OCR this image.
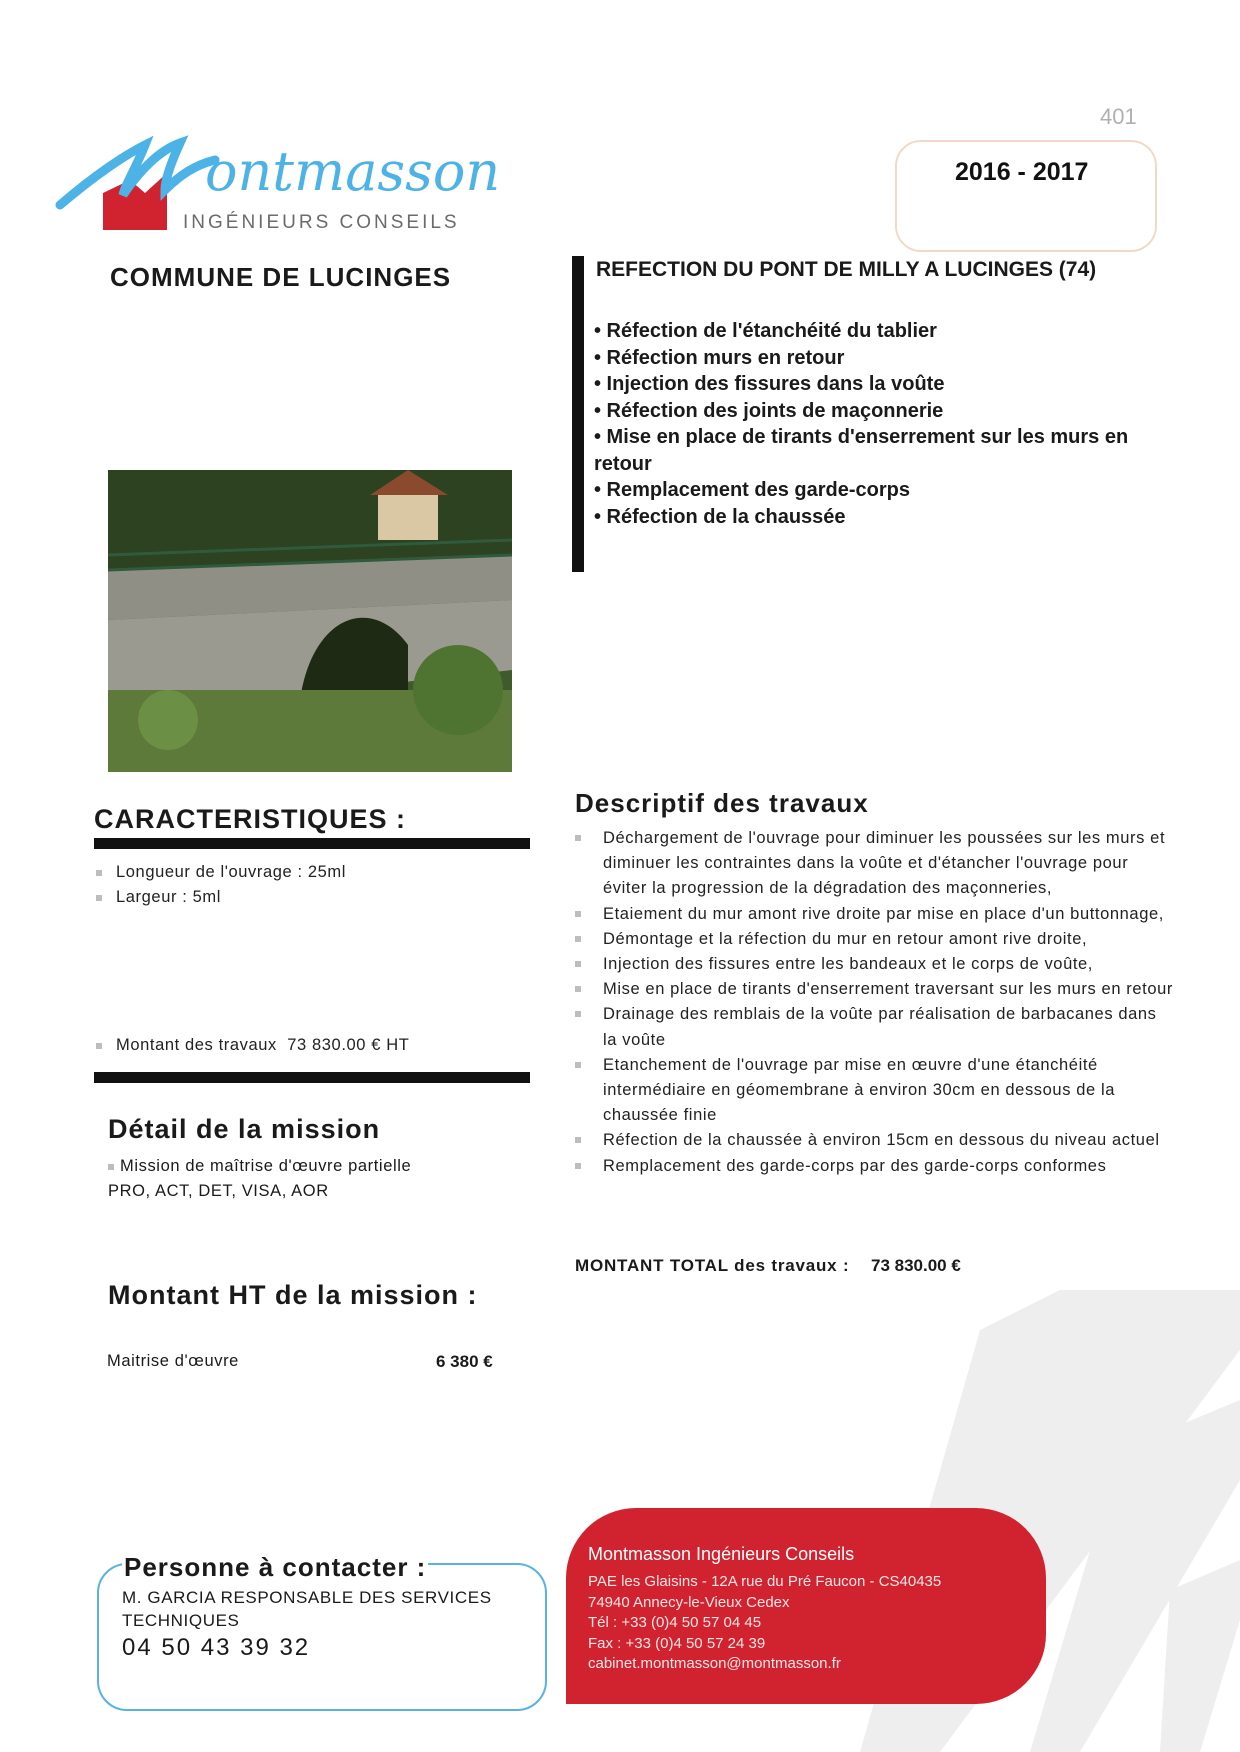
ontmasson
INGÉNIEURS CONSEILS
401
2016 - 2017
COMMUNE DE LUCINGES	REFECTION DU PONT DE MILLY A LUCINGES (74)
• Réfection de l'étanchéité du tablier
• Réfection murs en retour
• Injection des fissures dans la voûte
• Réfection des joints de maçonnerie
• Mise en place de tirants d'enserrement sur les murs en retour
• Remplacement des garde-corps
• Réfection de la chaussée
CARACTERISTIQUES :
Longueur de l'ouvrage : 25ml
Largeur : 5ml
Montant des travaux  73 830.00 € HT
Détail de la mission
Mission de maîtrise d'œuvre partielle
PRO, ACT, DET, VISA, AOR
Montant HT de la mission :
Maitrise d'œuvre	6 380 €
Descriptif des travaux
Déchargement de l'ouvrage pour diminuer les poussées sur les murs et diminuer les contraintes dans la voûte et d'étancher l'ouvrage pour éviter la progression de la dégradation des maçonneries,
Etaiement du mur amont rive droite par mise en place d'un buttonnage,
Démontage et la réfection du mur en retour amont rive droite,
Injection des fissures entre les bandeaux et le corps de voûte,
Mise en place de tirants d'enserrement traversant sur les murs en retour
Drainage des remblais de la voûte par réalisation de barbacanes dans la voûte
Etanchement de l'ouvrage par mise en œuvre d'une étanchéité intermédiaire en géomembrane à environ 30cm en dessous de la chaussée finie
Réfection de la chaussée à environ 15cm en dessous du niveau actuel
Remplacement des garde-corps par des garde-corps conformes
MONTANT TOTAL des travaux : 73 830.00 €
Personne à contacter :
M. GARCIA RESPONSABLE DES SERVICES TECHNIQUES
04 50 43 39 32
Montmasson Ingénieurs Conseils
PAE les Glaisins - 12A rue du Pré Faucon - CS40435
74940 Annecy-le-Vieux Cedex
Tél : +33 (0)4 50 57 04 45
Fax : +33 (0)4 50 57 24 39
cabinet.montmasson@montmasson.fr
